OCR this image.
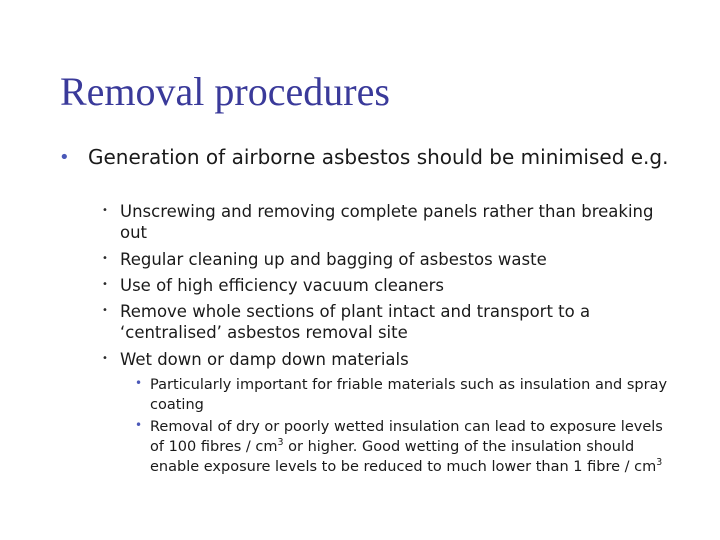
Removal procedures
• Generation of airborne asbestos should be minimised e.g.
• Unscrewing and removing complete panels rather than breaking out
• Regular cleaning up and bagging of asbestos waste
• Use of high efficiency vacuum cleaners
• Remove whole sections of plant intact and transport to a ‘centralised’ asbestos removal site
• Wet down or damp down materials
• Particularly important for friable materials such as insulation and spray coating
• Removal of dry or poorly wetted insulation can lead to exposure levels of 100 fibres / $cm^3$ or higher. Good wetting of the insulation should enable exposure levels to be reduced to much lower than 1 fibre / $cm^3$
